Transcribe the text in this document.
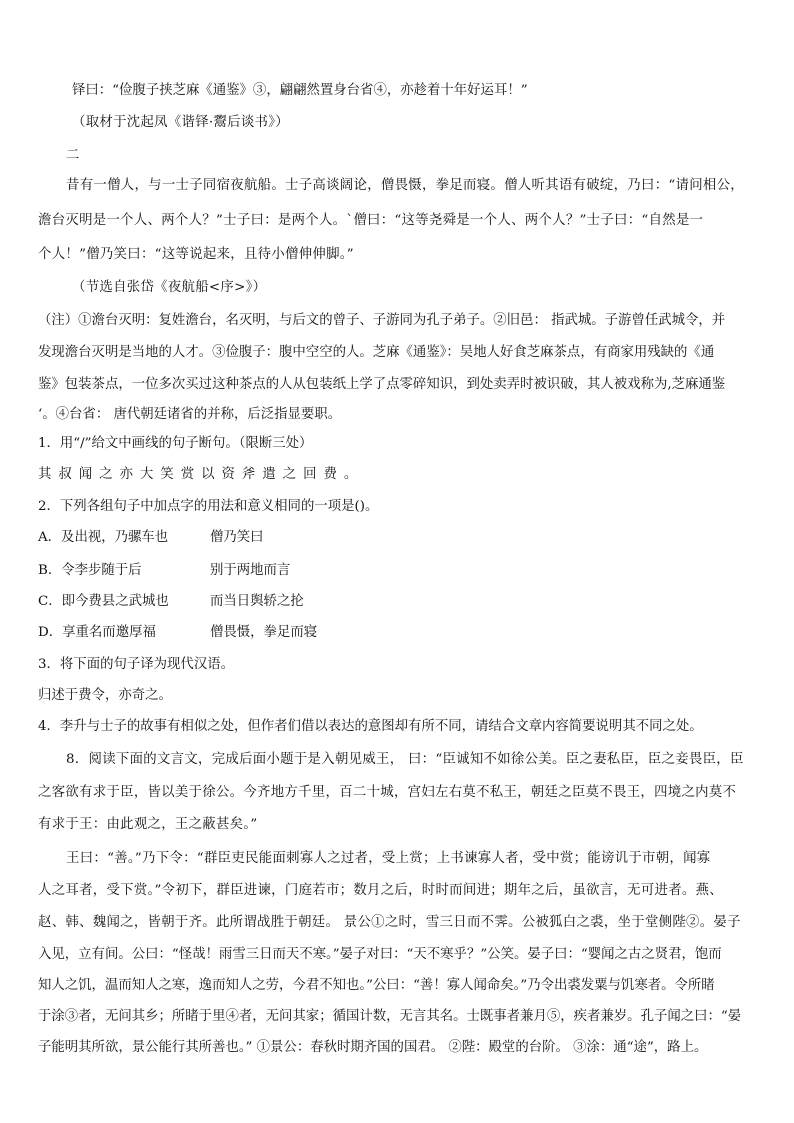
铎曰：“俭腹子挟芝麻《通鉴》③，翩翩然置身台省④，亦趁着十年好运耳！”
（取材于沈起凤《谐铎·鬻后谈书》）
二
昔有一僧人，与一士子同宿夜航船。士子高谈阔论，僧畏慑，拳足而寝。僧人听其语有破绽，乃曰：“请问相公，
澹台灭明是一个人、两个人？”士子曰：是两个人。`僧曰：“这等尧舜是一个人、两个人？”士子曰：“自然是一
个人！”僧乃笑曰：“这等说起来，且待小僧伸伸脚。”
（节选自张岱《夜航船<序>》）
（注）①澹台灭明：复姓澹台，名灭明，与后文的曾子、子游同为孔子弟子。②旧邑： 指武城。子游曾任武城令，并
发现澹台灭明是当地的人才。③俭腹子：腹中空空的人。芝麻《通鉴》：吴地人好食芝麻茶点，有商家用残缺的《通
鉴》包装茶点，一位多次买过这种茶点的人从包装纸上学了点零碎知识，到处卖弄时被识破，其人被戏称为,芝麻通鉴
‘。④台省： 唐代朝廷诸省的并称，后泛指显要职。
1．用“/”给文中画线的句子断句。（限断三处）
其叔闻之亦大笑赏以资斧遣之回费。
2．下列各组句子中加点字的用法和意义相同的一项是()。
A．及出视，乃骡车也	僧乃笑曰
B．令李步随于后	别于两地而言
C．即今费县之武城也	而当日舆轿之抡
D．享重名而邀厚福	僧畏慑，拳足而寝
3．将下面的句子译为现代汉语。
归述于费令，亦奇之。
4．李升与士子的故事有相似之处，但作者们借以表达的意图却有所不同，请结合文章内容简要说明其不同之处。
8．阅读下面的文言文，完成后面小题于是入朝见威王， 曰：“臣诚知不如徐公美。臣之妻私臣，臣之妾畏臣，臣
之客欲有求于臣，皆以美于徐公。今齐地方千里，百二十城，宫妇左右莫不私王，朝廷之臣莫不畏王，四境之内莫不
有求于王：由此观之，王之蔽甚矣。”
王曰：“善。”乃下令：“群臣吏民能面刺寡人之过者，受上赏；上书谏寡人者，受中赏；能谤讥于市朝，闻寡
人之耳者，受下赏。”令初下，群臣进谏，门庭若市；数月之后，时时而间进；期年之后，虽欲言，无可进者。燕、
赵、韩、魏闻之，皆朝于齐。此所谓战胜于朝廷。 景公①之时，雪三日而不霁。公被狐白之裘，坐于堂侧陛②。晏子
入见，立有间。公曰：“怪哉！雨雪三日而天不寒。”晏子对曰：“天不寒乎？”公笑。晏子曰：“婴闻之古之贤君，饱而
知人之饥，温而知人之寒，逸而知人之劳，今君不知也。”公曰：“善！寡人闻命矣。”乃令出裘发粟与饥寒者。令所睹
于涂③者，无问其乡；所睹于里④者，无问其家；循国计数，无言其名。士既事者兼月⑤，疾者兼岁。孔子闻之曰：“晏
子能明其所欲，景公能行其所善也。” ①景公：春秋时期齐国的国君。 ②陛：殿堂的台阶。 ③涂：通“途”，路上。
